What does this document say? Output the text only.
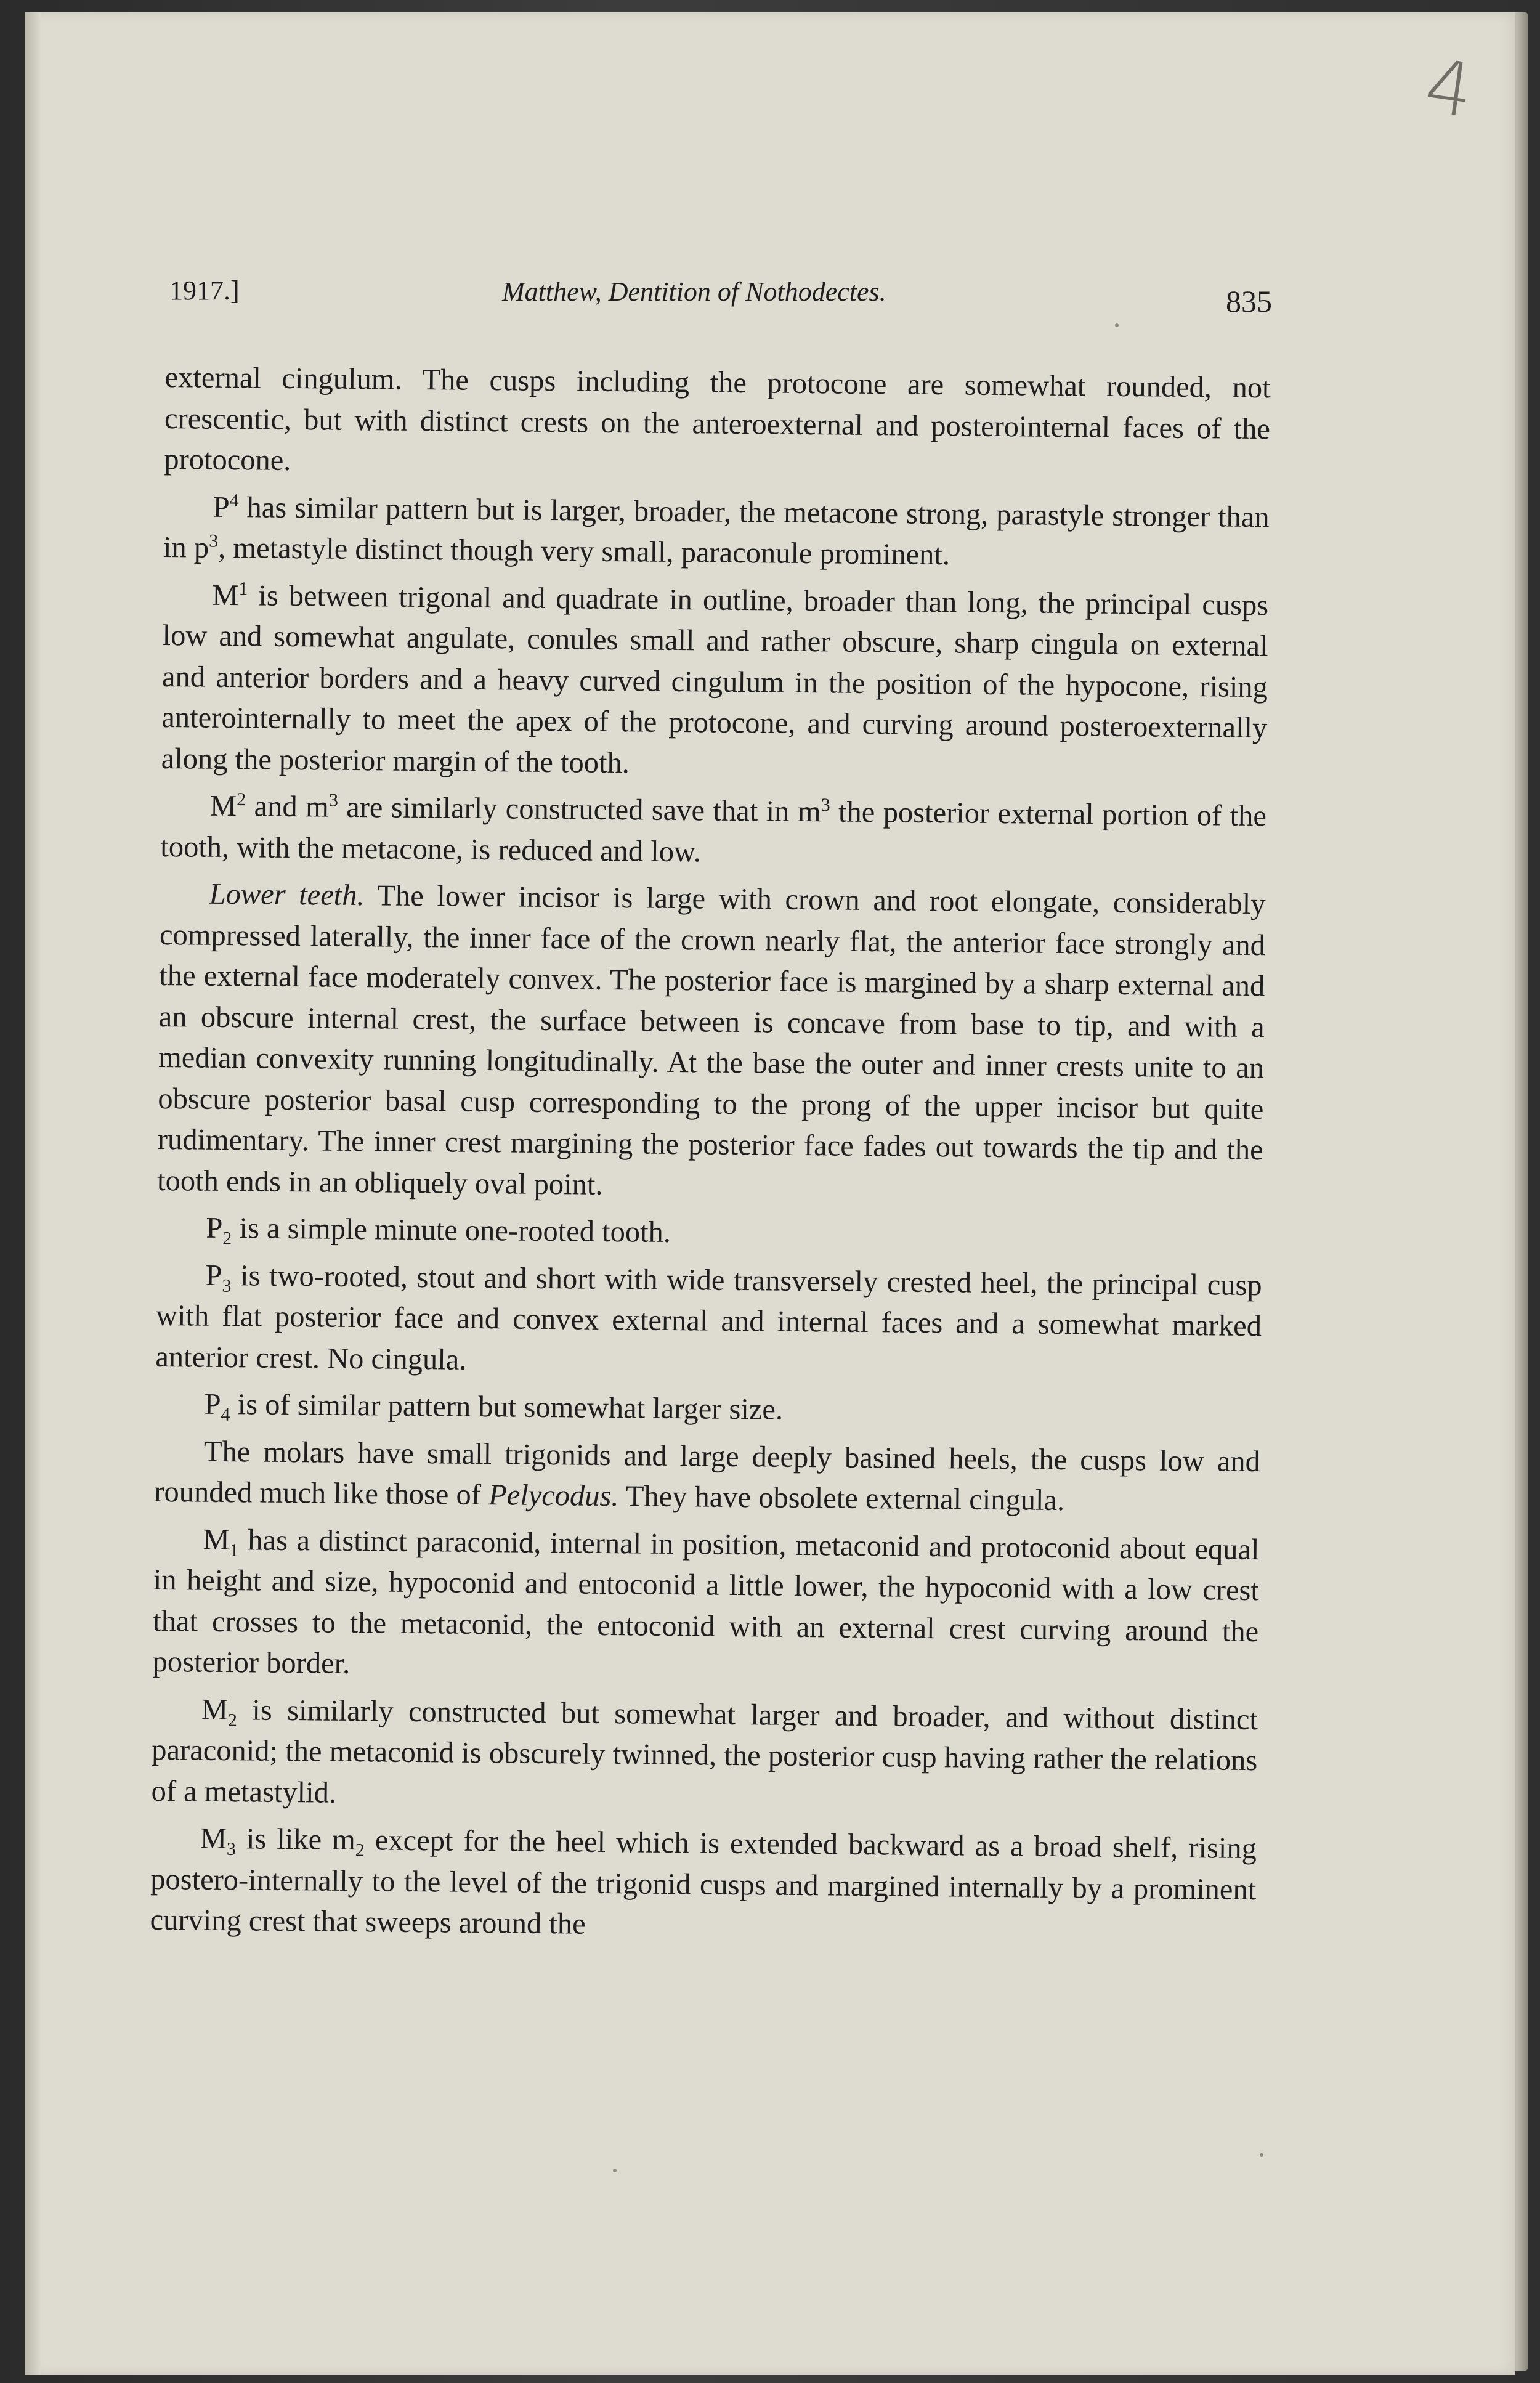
4
1917.]	Matthew, Dentition of Nothodectes.	835

external cingulum. The cusps including the protocone are somewhat rounded, not crescentic, but with distinct crests on the anteroexternal and posterointernal faces of the protocone.

$P^4$ has similar pattern but is larger, broader, the metacone strong, parastyle stronger than in $p^3$, metastyle distinct though very small, paraconule prominent.

$M^1$ is between trigonal and quadrate in outline, broader than long, the principal cusps low and somewhat angulate, conules small and rather obscure, sharp cingula on external and anterior borders and a heavy curved cingulum in the position of the hypocone, rising anterointernally to meet the apex of the protocone, and curving around posteroexternally along the posterior margin of the tooth.

$M^2$ and $m^3$ are similarly constructed save that in $m^3$ the posterior external portion of the tooth, with the metacone, is reduced and low.

Lower teeth. The lower incisor is large with crown and root elongate, considerably compressed laterally, the inner face of the crown nearly flat, the anterior face strongly and the external face moderately convex. The posterior face is margined by a sharp external and an obscure internal crest, the surface between is concave from base to tip, and with a median convexity running longitudinally. At the base the outer and inner crests unite to an obscure posterior basal cusp corresponding to the prong of the upper incisor but quite rudimentary. The inner crest margining the posterior face fades out towards the tip and the tooth ends in an obliquely oval point.

$P_2$ is a simple minute one-rooted tooth.

$P_3$ is two-rooted, stout and short with wide transversely crested heel, the principal cusp with flat posterior face and convex external and internal faces and a somewhat marked anterior crest. No cingula.

$P_4$ is of similar pattern but somewhat larger size.

The molars have small trigonids and large deeply basined heels, the cusps low and rounded much like those of Pelycodus. They have obsolete external cingula.

$M_1$ has a distinct paraconid, internal in position, metaconid and protoconid about equal in height and size, hypoconid and entoconid a little lower, the hypoconid with a low crest that crosses to the metaconid, the entoconid with an external crest curving around the posterior border.

$M_2$ is similarly constructed but somewhat larger and broader, and without distinct paraconid; the metaconid is obscurely twinned, the posterior cusp having rather the relations of a metastylid.

$M_3$ is like $m_2$ except for the heel which is extended backward as a broad shelf, rising postero-internally to the level of the trigonid cusps and margined internally by a prominent curving crest that sweeps around the
